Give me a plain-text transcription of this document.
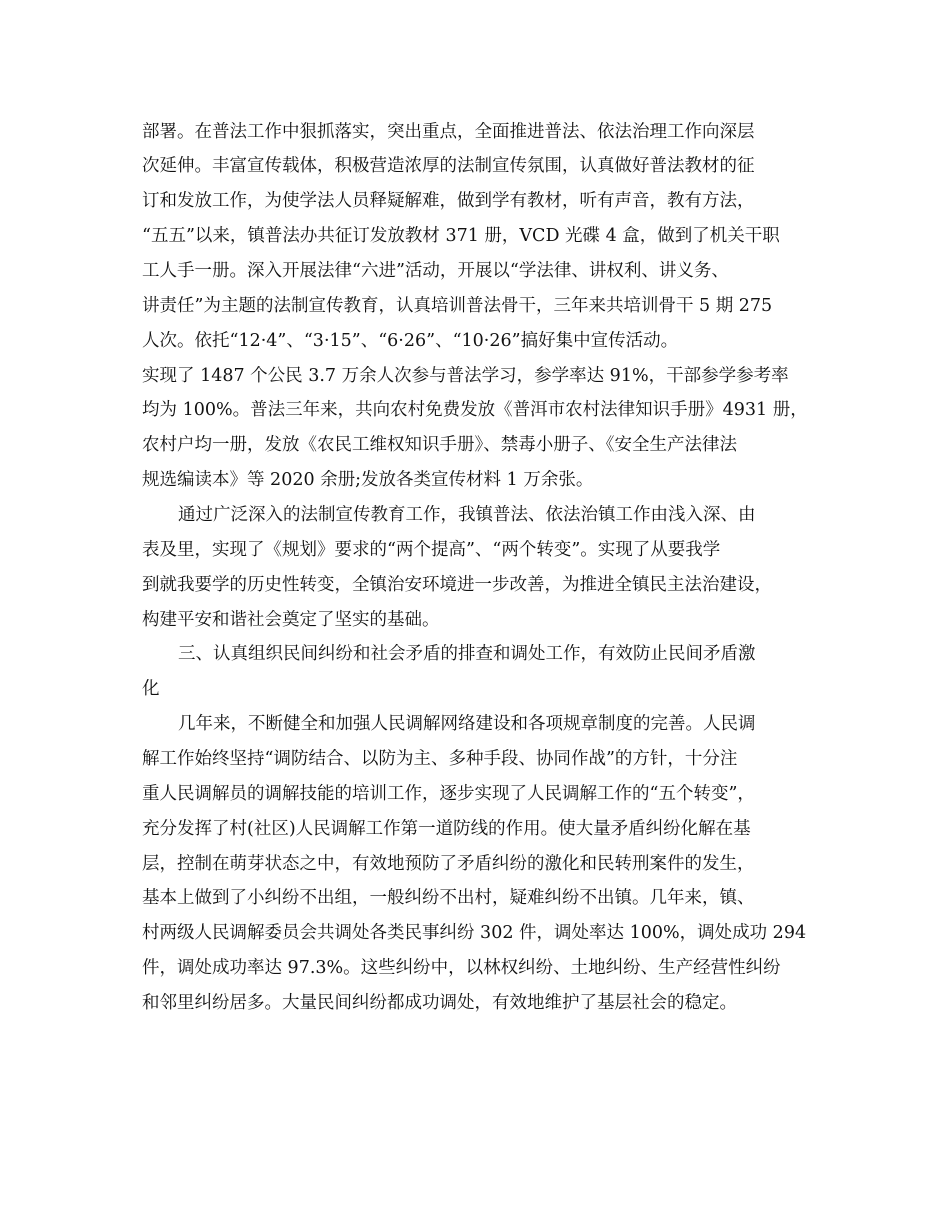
部署。在普法工作中狠抓落实，突出重点，全面推进普法、依法治理工作向深层
次延伸。丰富宣传载体，积极营造浓厚的法制宣传氛围，认真做好普法教材的征
订和发放工作，为使学法人员释疑解难，做到学有教材，听有声音，教有方法，
“五五”以来，镇普法办共征订发放教材 371 册，VCD 光碟 4 盒，做到了机关干职
工人手一册。深入开展法律“六进”活动，开展以“学法律、讲权利、讲义务、
讲责任”为主题的法制宣传教育，认真培训普法骨干，三年来共培训骨干 5 期 275
人次。依托“12·4”、“3·15”、“6·26”、“10·26”搞好集中宣传活动。
实现了 1487 个公民 3.7 万余人次参与普法学习，参学率达 91%，干部参学参考率
均为 100%。普法三年来，共向农村免费发放《普洱市农村法律知识手册》4931 册，
农村户均一册，发放《农民工维权知识手册》、禁毒小册子、《安全生产法律法
规选编读本》等 2020 余册;发放各类宣传材料 1 万余张。
通过广泛深入的法制宣传教育工作，我镇普法、依法治镇工作由浅入深、由
表及里，实现了《规划》要求的“两个提高”、“两个转变”。实现了从要我学
到就我要学的历史性转变，全镇治安环境进一步改善，为推进全镇民主法治建设，
构建平安和谐社会奠定了坚实的基础。
三、认真组织民间纠纷和社会矛盾的排查和调处工作，有效防止民间矛盾激
化
几年来，不断健全和加强人民调解网络建设和各项规章制度的完善。人民调
解工作始终坚持“调防结合、以防为主、多种手段、协同作战”的方针，十分注
重人民调解员的调解技能的培训工作，逐步实现了人民调解工作的“五个转变”，
充分发挥了村(社区)人民调解工作第一道防线的作用。使大量矛盾纠纷化解在基
层，控制在萌芽状态之中，有效地预防了矛盾纠纷的激化和民转刑案件的发生，
基本上做到了小纠纷不出组，一般纠纷不出村，疑难纠纷不出镇。几年来，镇、
村两级人民调解委员会共调处各类民事纠纷 302 件，调处率达 100%，调处成功 294
件，调处成功率达 97.3%。这些纠纷中，以林权纠纷、土地纠纷、生产经营性纠纷
和邻里纠纷居多。大量民间纠纷都成功调处，有效地维护了基层社会的稳定。
